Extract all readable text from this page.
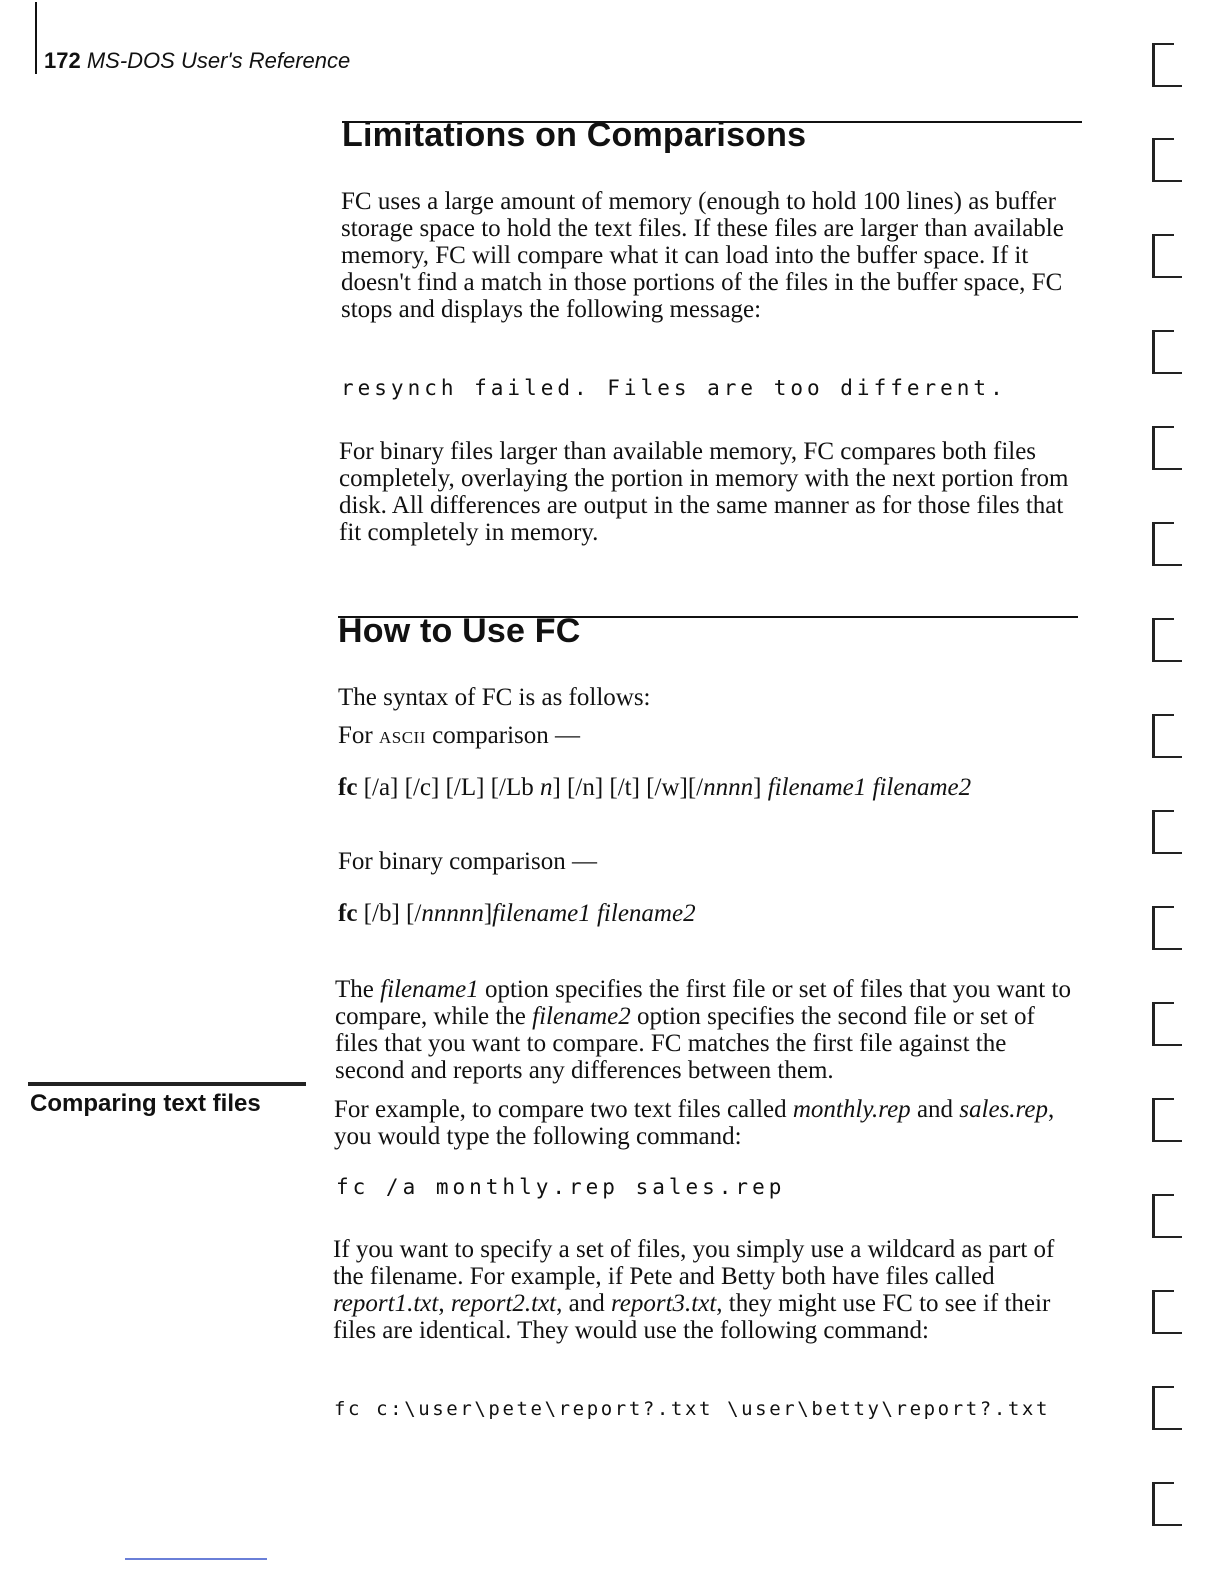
172 MS-DOS User's Reference
Limitations on Comparisons
FC uses a large amount of memory (enough to hold 100 lines) as buffer storage space to hold the text files. If these files are larger than available memory, FC will compare what it can load into the buffer space. If it doesn't find a match in those portions of the files in the buffer space, FC stops and displays the following message:
resynch failed. Files are too different.
For binary files larger than available memory, FC compares both files completely, overlaying the portion in memory with the next portion from disk. All differences are output in the same manner as for those files that fit completely in memory.
How to Use FC
The syntax of FC is as follows:
For ASCII comparison —
fc [/a] [/c] [/L] [/Lb n] [/n] [/t] [/w][/nnnn] filename1 filename2
For binary comparison —
fc [/b] [/nnnnn]filename1 filename2
The filename1 option specifies the first file or set of files that you want to compare, while the filename2 option specifies the second file or set of files that you want to compare. FC matches the first file against the second and reports any differences between them.
Comparing text files	For example, to compare two text files called monthly.rep and sales.rep, you would type the following command:
fc /a monthly.rep sales.rep
If you want to specify a set of files, you simply use a wildcard as part of the filename. For example, if Pete and Betty both have files called report1.txt, report2.txt, and report3.txt, they might use FC to see if their files are identical. They would use the following command:
fc c:\user\pete\report?.txt \user\betty\report?.txt
